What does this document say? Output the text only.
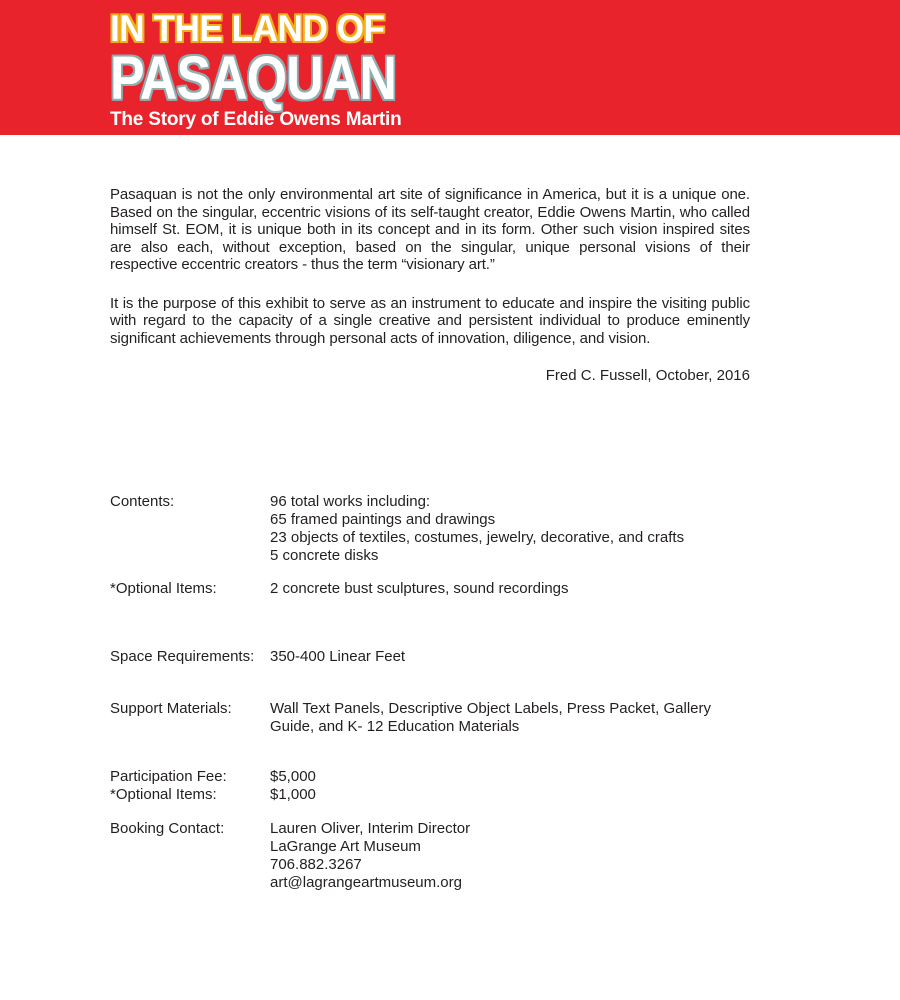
IN THE LAND OF
PASAQUAN
The Story of Eddie Owens Martin

Pasaquan is not the only environmental art site of significance in America, but it is a unique one. Based on the singular, eccentric visions of its self-taught creator, Eddie Owens Martin, who called himself St. EOM, it is unique both in its concept and in its form. Other such vision inspired sites are also each, without exception, based on the singular, unique personal visions of their respective eccentric creators - thus the term “visionary art.”

It is the purpose of this exhibit to serve as an instrument to educate and inspire the visiting public with regard to the capacity of a single creative and persistent individual to produce eminently significant achievements through personal acts of innovation, diligence, and vision.

Fred C. Fussell, October, 2016

Contents:	96 total works including:
65 framed paintings and drawings
23 objects of textiles, costumes, jewelry, decorative, and crafts
5 concrete disks
*Optional Items:	2 concrete bust sculptures, sound recordings
Space Requirements:	350-400 Linear Feet
Support Materials:	Wall Text Panels, Descriptive Object Labels, Press Packet, Gallery
Guide, and K- 12 Education Materials
Participation Fee:	$5,000
*Optional Items:	$1,000
Booking Contact:	Lauren Oliver, Interim Director
LaGrange Art Museum
706.882.3267
art@lagrangeartmuseum.org
